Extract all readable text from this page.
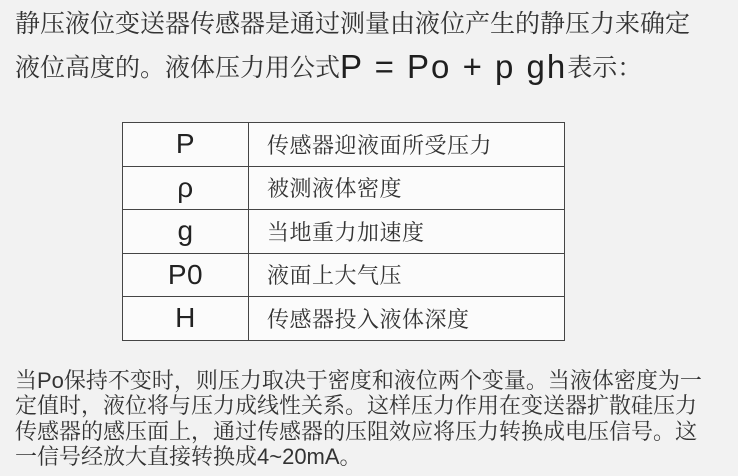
静压液位变送器传感器是通过测量由液位产生的静压力来确定液位高度的。液体压力用公式P = Po + p gh表示：

P	传感器迎液面所受压力
ρ	被测液体密度
g	当地重力加速度
P0	液面上大气压
H	传感器投入液体深度

当Po保持不变时，则压力取决于密度和液位两个变量。当液体密度为一定值时，液位将与压力成线性关系。这样压力作用在变送器扩散硅压力传感器的感压面上，通过传感器的压阻效应将压力转换成电压信号。这一信号经放大直接转换成4~20mA。
